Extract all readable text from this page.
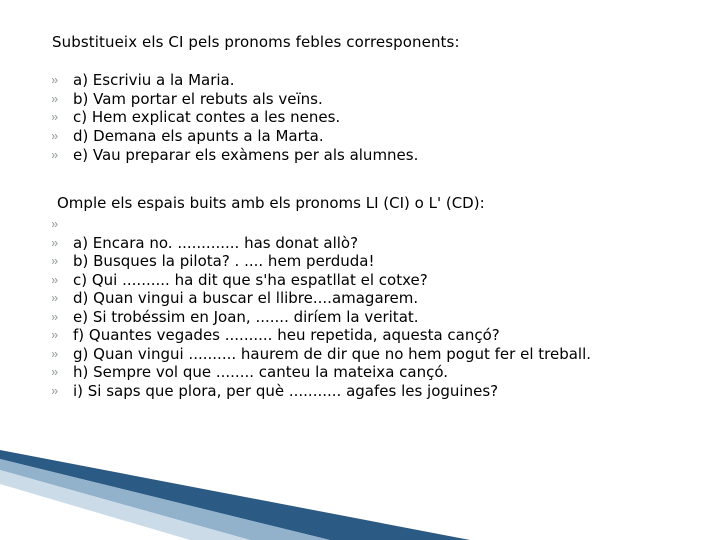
Substitueix els CI pels pronoms febles corresponents:
a) Escriviu a la Maria.
b) Vam portar el rebuts als veïns.
c) Hem explicat contes a les nenes.
d) Demana els apunts a la Marta.
e) Vau preparar els exàmens per als alumnes.
Omple els espais buits amb els pronoms LI (CI) o L' (CD):
a) Encara no. ............. has donat allò?
b) Busques la pilota? . .... hem perduda!
c) Qui .......... ha dit que s'ha espatllat el cotxe?
d) Quan vingui a buscar el llibre....amagarem.
e) Si trobéssim en Joan, ....... diríem la veritat.
f) Quantes vegades .......... heu repetida, aquesta cançó?
g) Quan vingui .......... haurem de dir que no hem pogut fer el treball.
h) Sempre vol que ........ canteu la mateixa cançó.
i) Si saps que plora, per què ........... agafes les joguines?
